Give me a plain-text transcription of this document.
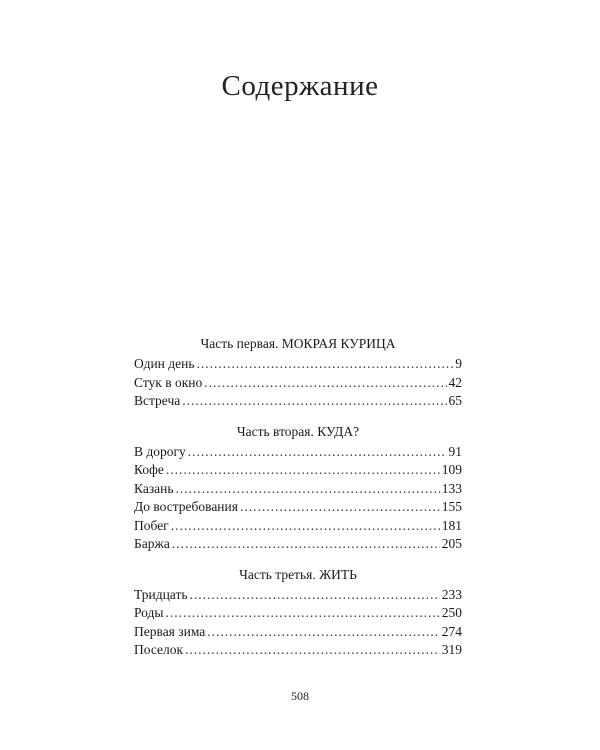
Содержание
Часть первая. МОКРАЯ КУРИЦА
Один день .....	9
Стук в окно .....	42
Встреча .....	65
Часть вторая. КУДА?
В дорогу .....	91
Кофе .....	109
Казань .....	133
До востребования .....	155
Побег .....	181
Баржа .....	205
Часть третья. ЖИТЬ
Тридцать .....	233
Роды .....	250
Первая зима .....	274
Поселок .....	319
508
